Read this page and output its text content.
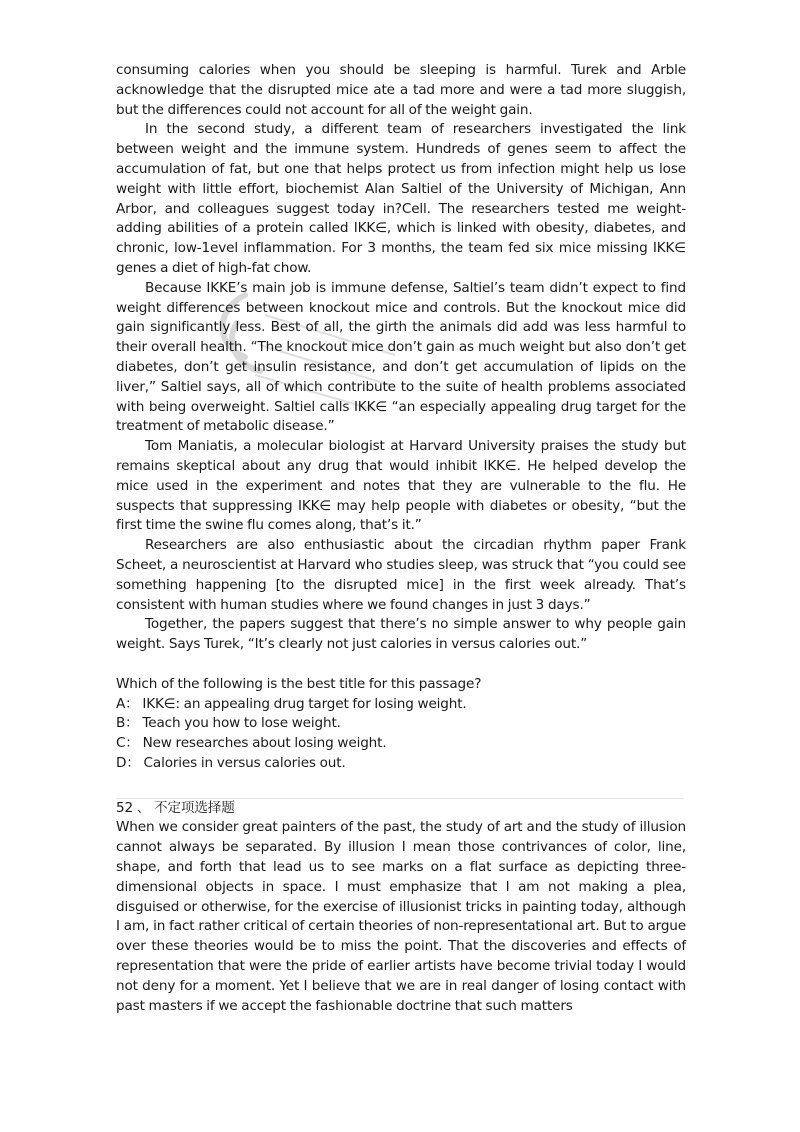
consuming calories when you should be sleeping is harmful. Turek and Arble acknowledge that the disrupted mice ate a tad more and were a tad more sluggish, but the differences could not account for all of the weight gain.

In the second study, a different team of researchers investigated the link between weight and the immune system. Hundreds of genes seem to affect the accumulation of fat, but one that helps protect us from infection might help us lose weight with little effort, biochemist Alan Saltiel of the University of Michigan, Ann Arbor, and colleagues suggest today in?Cell. The researchers tested me weight-adding abilities of a protein called IKK∈, which is linked with obesity, diabetes, and chronic, low-1evel inflammation. For 3 months, the team fed six mice missing IKK∈ genes a diet of high-fat chow.

Because IKKE’s main job is immune defense, Saltiel’s team didn’t expect to find weight differences between knockout mice and controls. But the knockout mice did gain significantly less. Best of all, the girth the animals did add was less harmful to their overall health. “The knockout mice don’t gain as much weight but also don’t get diabetes, don’t get insulin resistance, and don’t get accumulation of lipids on the liver,” Saltiel says, all of which contribute to the suite of health problems associated with being overweight. Saltiel calls IKK∈ “an especially appealing drug target for the treatment of metabolic disease.”

Tom Maniatis, a molecular biologist at Harvard University praises the study but remains skeptical about any drug that would inhibit IKK∈. He helped develop the mice used in the experiment and notes that they are vulnerable to the flu. He suspects that suppressing IKK∈ may help people with diabetes or obesity, “but the first time the swine flu comes along, that’s it.”

Researchers are also enthusiastic about the circadian rhythm paper Frank Scheet, a neuroscientist at Harvard who studies sleep, was struck that “you could see something happening [to the disrupted mice] in the first week already. That’s consistent with human studies where we found changes in just 3 days.”

Together, the papers suggest that there’s no simple answer to why people gain weight. Says Turek, “It’s clearly not just calories in versus calories out.”

Which of the following is the best title for this passage?

A： IKK∈: an appealing drug target for losing weight.

B： Teach you how to lose weight.

C： New researches about losing weight.

D： Calories in versus calories out.

52 、 不定项选择题

When we consider great painters of the past, the study of art and the study of illusion cannot always be separated. By illusion I mean those contrivances of color, line, shape, and forth that lead us to see marks on a flat surface as depicting three-dimensional objects in space. I must emphasize that I am not making a plea, disguised or otherwise, for the exercise of illusionist tricks in painting today, although I am, in fact rather critical of certain theories of non-representational art. But to argue over these theories would be to miss the point. That the discoveries and effects of representation that were the pride of earlier artists have become trivial today I would not deny for a moment. Yet I believe that we are in real danger of losing contact with past masters if we accept the fashionable doctrine that such matters
